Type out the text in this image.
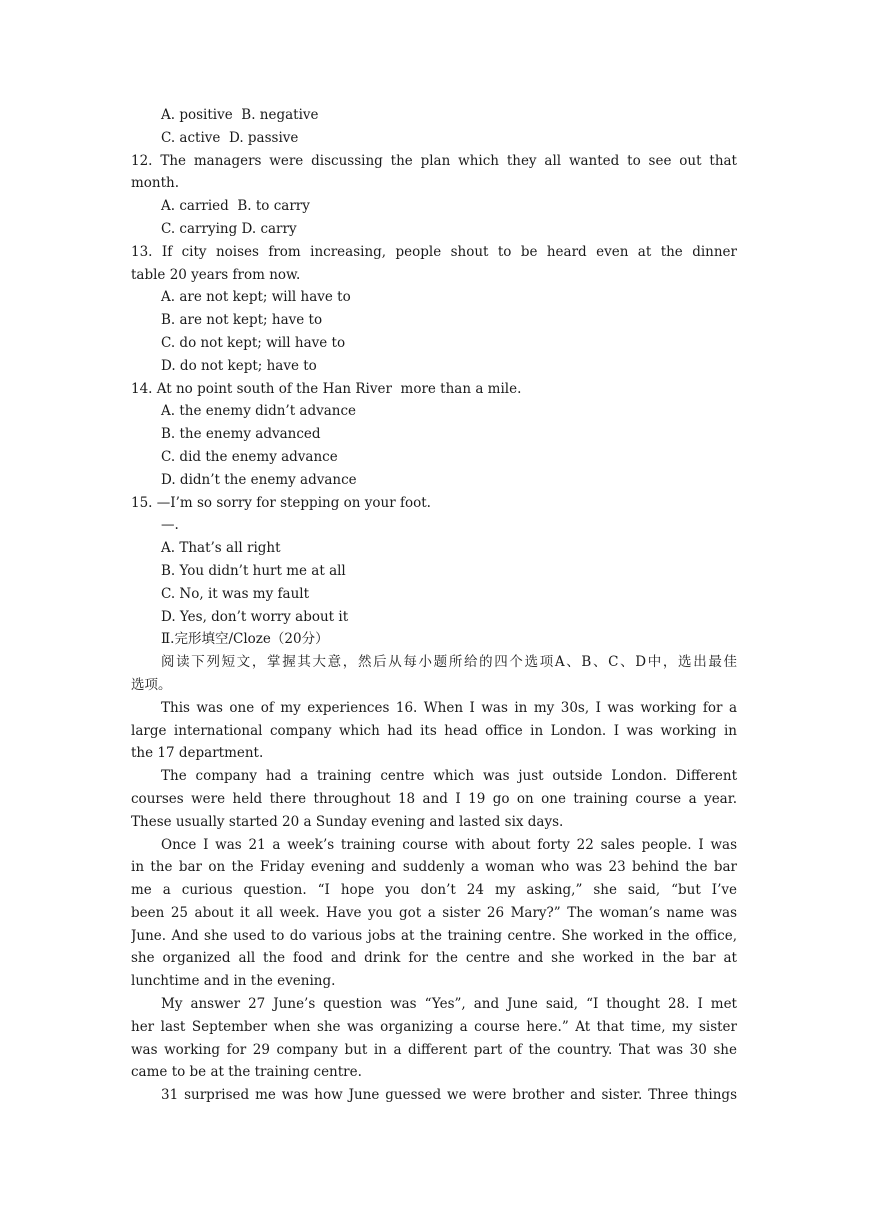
A. positive  B. negative
C. active  D. passive
12. The managers were discussing the plan which they all wanted to see out that
month.
A. carried  B. to carry
C. carrying D. carry
13. If city noises from increasing, people shout to be heard even at the dinner
table 20 years from now.
A. are not kept; will have to
B. are not kept; have to
C. do not kept; will have to
D. do not kept; have to
14. At no point south of the Han River  more than a mile.
A. the enemy didn’t advance
B. the enemy advanced
C. did the enemy advance
D. didn’t the enemy advance
15. —I’m so sorry for stepping on your foot.
—.
A. That’s all right
B. You didn’t hurt me at all
C. No, it was my fault
D. Yes, don’t worry about it
Ⅱ.完形填空/Cloze（20分）
阅读下列短文，掌握其大意，然后从每小题所给的四个选项A、B、C、D中，选出最佳
选项。
This was one of my experiences 16. When I was in my 30s, I was working for a
large international company which had its head office in London. I was working in
the 17 department.
The company had a training centre which was just outside London. Different
courses were held there throughout 18 and I 19 go on one training course a year.
These usually started 20 a Sunday evening and lasted six days.
Once I was 21 a week’s training course with about forty 22 sales people. I was
in the bar on the Friday evening and suddenly a woman who was 23 behind the bar
me a curious question. “I hope you don’t 24 my asking,” she said, “but I’ve
been 25 about it all week. Have you got a sister 26 Mary?” The woman’s name was
June. And she used to do various jobs at the training centre. She worked in the office,
she organized all the food and drink for the centre and she worked in the bar at
lunchtime and in the evening.
My answer 27 June’s question was “Yes”, and June said, “I thought 28. I met
her last September when she was organizing a course here.” At that time, my sister
was working for 29 company but in a different part of the country. That was 30 she
came to be at the training centre.
31 surprised me was how June guessed we were brother and sister. Three things
